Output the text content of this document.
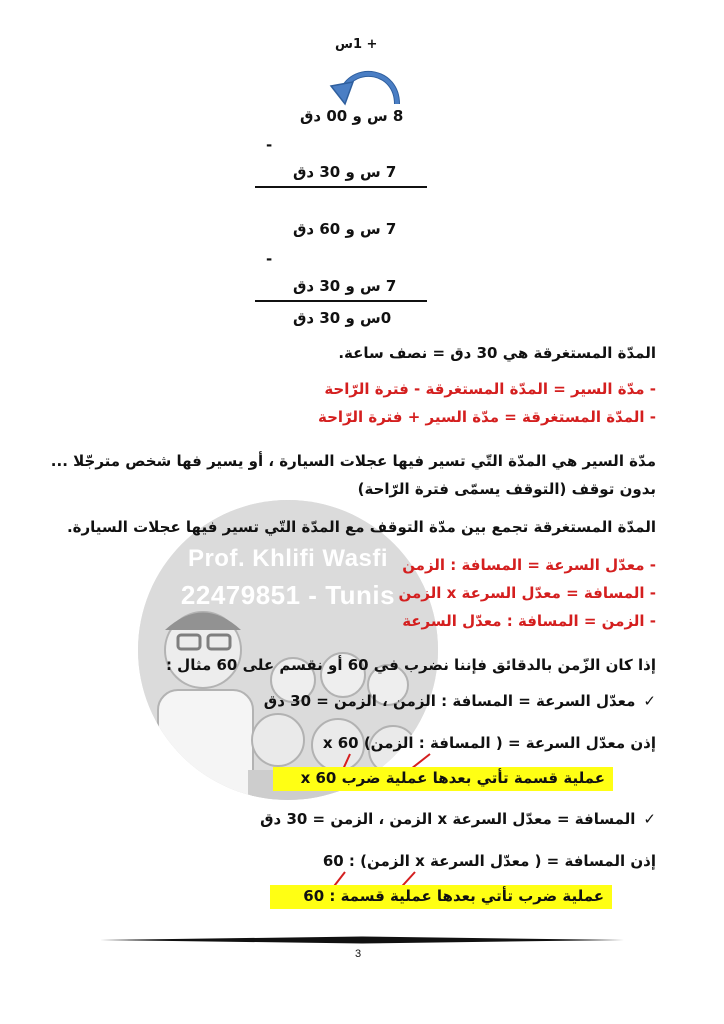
Prof. Khlifi Wasfi
22479851 - Tunis
+ 1س
8 س و 00 دق
-
7 س و 30 دق
7 س و 60 دق
-
7 س و 30 دق
0س و 30 دق
المدّة المستغرقة هي 30 دق = نصف ساعة.
- مدّة السير = المدّة المستغرقة - فترة الرّاحة
- المدّة المستغرقة = مدّة السير + فترة الرّاحة
مدّة السير هي المدّة التّي تسير فيها عجلات السيارة ، أو يسير فها شخص مترجّلا ...
بدون توقف (التوقف يسمّى فترة الرّاحة)
المدّة المستغرقة تجمع بين مدّة التوقف مع المدّة التّي تسير فيها عجلات السيارة.
- معدّل السرعة = المسافة : الزمن
- المسافة = معدّل السرعة x الزمن
- الزمن = المسافة : معدّل السرعة
إذا كان الزّمن بالدقائق فإننا نضرب في 60 أو نقسم على 60 مثال :
✓معدّل السرعة = المسافة : الزمن ، الزمن = 30 دق
إذن معدّل السرعة = ( المسافة : الزمن) x 60
عملية قسمة تأتي بعدها عملية ضرب x 60
✓المسافة = معدّل السرعة x الزمن ، الزمن = 30 دق
إذن المسافة = ( معدّل السرعة x الزمن) : 60
عملية ضرب تأتي بعدها عملية قسمة : 60
3
